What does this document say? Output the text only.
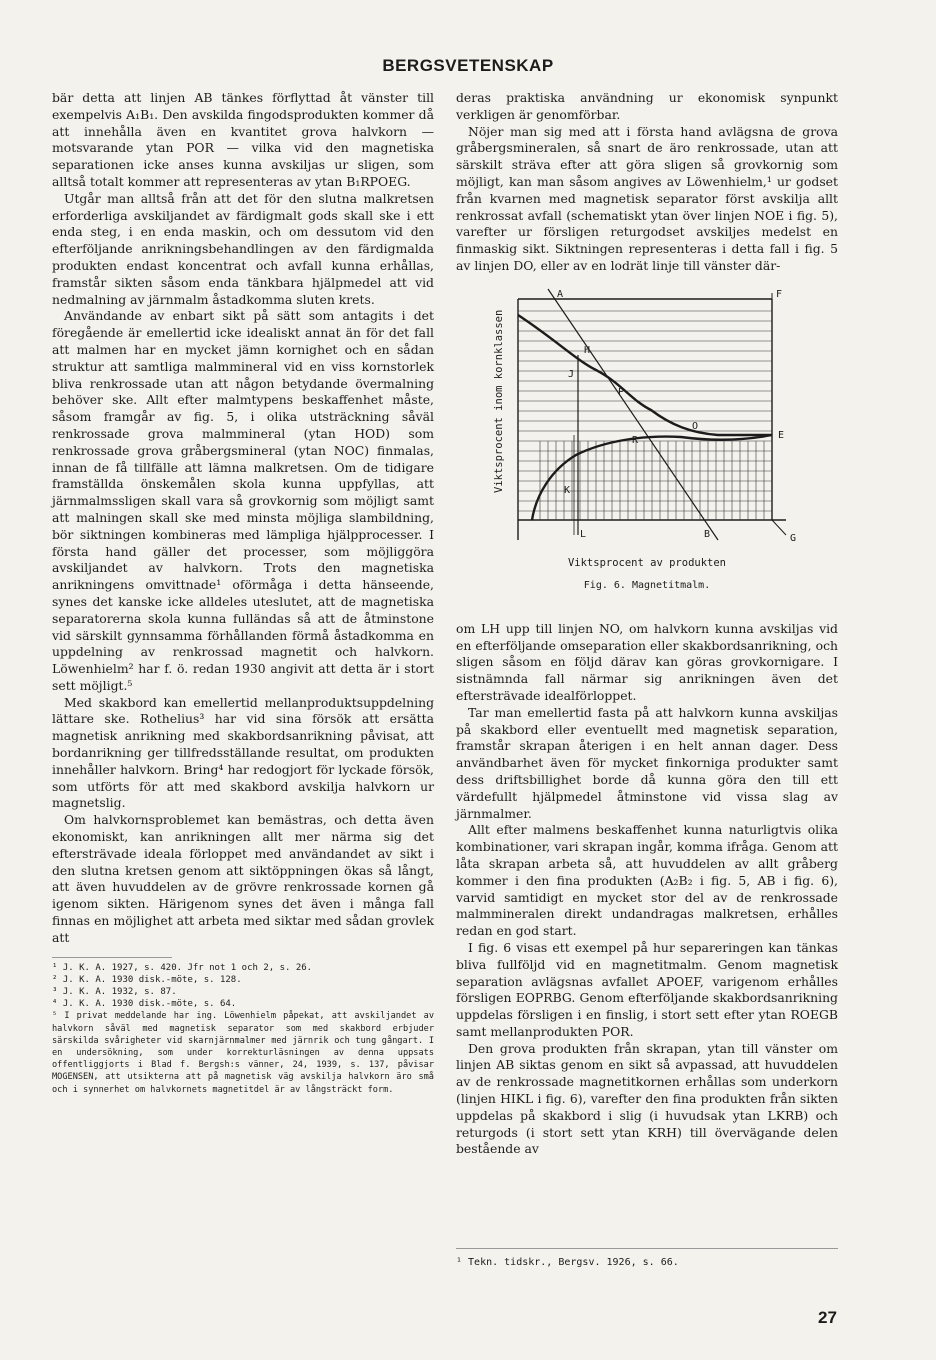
BERGSVETENSKAP

bär detta att linjen AB tänkes förflyttad åt vänster till exempelvis A₁B₁. Den avskilda fingodsprodukten kommer då att innehålla även en kvantitet grova halvkorn — motsvarande ytan POR — vilka vid den magnetiska separationen icke anses kunna avskiljas ur sligen, som alltså totalt kommer att representeras av ytan B₁RPOEG.

Utgår man alltså från att det för den slutna malkretsen erforderliga avskiljandet av färdigmalt gods skall ske i ett enda steg, i en enda maskin, och om dessutom vid den efterföljande anrikningsbehandlingen av den färdigmalda produkten endast koncentrat och avfall kunna erhållas, framstår sikten såsom enda tänkbara hjälpmedel att vid nedmalning av järnmalm åstadkomma sluten krets.

Användande av enbart sikt på sätt som antagits i det föregående är emellertid icke idealiskt annat än för det fall att malmen har en mycket jämn kornighet och en sådan struktur att samtliga malmmineral vid en viss kornstorlek bliva renkrossade utan att någon betydande övermalning behöver ske. Allt efter malmtypens beskaffenhet måste, såsom framgår av fig. 5, i olika utsträckning såväl renkrossade grova malmmineral (ytan HOD) som renkrossade grova gråbergsmineral (ytan NOC) finmalas, innan de få tillfälle att lämna malkretsen. Om de tidigare framställda önskemålen skola kunna uppfyllas, att järnmalmssligen skall vara så grovkornig som möjligt samt att malningen skall ske med minsta möjliga slambildning, bör siktningen kombineras med lämpliga hjälpprocesser. I första hand gäller det processer, som möjliggöra avskiljandet av halvkorn. Trots den magnetiska anrikningens omvittnade¹ oförmåga i detta hänseende, synes det kanske icke alldeles uteslutet, att de magnetiska separatorerna skola kunna fulländas så att de åtminstone vid särskilt gynnsamma förhållanden förmå åstadkomma en uppdelning av renkrossad magnetit och halvkorn. Löwenhielm² har f. ö. redan 1930 angivit att detta är i stort sett möjligt.⁵

Med skakbord kan emellertid mellanproduktsuppdelning lättare ske. Rothelius³ har vid sina försök att ersätta magnetisk anrikning med skakbordsanrikning påvisat, att bordanrikning ger tillfredsställande resultat, om produkten innehåller halvkorn. Bring⁴ har redogjort för lyckade försök, som utförts för att med skakbord avskilja halvkorn ur magnetslig.

Om halvkornsproblemet kan bemästras, och detta även ekonomiskt, kan anrikningen allt mer närma sig det eftersträvade ideala förloppet med användandet av sikt i den slutna kretsen genom att siktöppningen ökas så långt, att även huvuddelen av de grövre renkrossade kornen gå igenom sikten. Härigenom synes det även i många fall finnas en möjlighet att arbeta med siktar med sådan grovlek att

¹ J. K. A. 1927, s. 420. Jfr not 1 och 2, s. 26.
² J. K. A. 1930 disk.-möte, s. 128.
³ J. K. A. 1932, s. 87.
⁴ J. K. A. 1930 disk.-möte, s. 64.
⁵ I privat meddelande har ing. Löwenhielm påpekat, att avskiljandet av halvkorn såväl med magnetisk separator som med skakbord erbjuder särskilda svårigheter vid skarnjärnmalmer med järnrik och tung gångart. I en undersökning, som under korrekturläsningen av denna uppsats offentliggjorts i Blad f. Bergsh:s vänner, 24, 1939, s. 137, påvisar MOGENSEN, att utsikterna att på magnetisk väg avskilja halvkorn äro små och i synnerhet om halvkornets magnetitdel är av långsträckt form.

deras praktiska användning ur ekonomisk synpunkt verkligen är genomförbar.

Nöjer man sig med att i första hand avlägsna de grova gråbergsmineralen, så snart de äro renkrossade, utan att särskilt sträva efter att göra sligen så grovkornig som möjligt, kan man såsom angives av Löwenhielm,¹ ur godset från kvarnen med magnetisk separator först avskilja allt renkrossat avfall (schematiskt ytan över linjen NOE i fig. 5), varefter ur försligen returgodset avskiljes medelst en finmaskig sikt. Siktningen representeras i detta fall i fig. 5 av linjen DO, eller av en lodrät linje till vänster där-

Viktsprocent inom kornklassen
A	F
H
J
P
O
E
R
K
L	B	G
Viktsprocent av produkten
Fig. 6. Magnetitmalm.

om LH upp till linjen NO, om halvkorn kunna avskiljas vid en efterföljande omseparation eller skakbordsanrikning, och sligen såsom en följd därav kan göras grovkornigare. I sistnämnda fall närmar sig anrikningen även det eftersträvade idealförloppet.

Tar man emellertid fasta på att halvkorn kunna avskiljas på skakbord eller eventuellt med magnetisk separation, framstår skrapan återigen i en helt annan dager. Dess användbarhet även för mycket finkorniga produkter samt dess driftsbillighet borde då kunna göra den till ett värdefullt hjälpmedel åtminstone vid vissa slag av järnmalmer.

Allt efter malmens beskaffenhet kunna naturligtvis olika kombinationer, vari skrapan ingår, komma ifråga. Genom att låta skrapan arbeta så, att huvuddelen av allt gråberg kommer i den fina produkten (A₂B₂ i fig. 5, AB i fig. 6), varvid samtidigt en mycket stor del av de renkrossade malmmineralen direkt undandragas malkretsen, erhålles redan en god start.

I fig. 6 visas ett exempel på hur separeringen kan tänkas bliva fullföljd vid en magnetitmalm. Genom magnetisk separation avlägsnas avfallet APOEF, varigenom erhålles försligen EOPRBG. Genom efterföljande skakbordsanrikning uppdelas försligen i en finslig, i stort sett efter ytan ROEGB samt mellanprodukten POR.

Den grova produkten från skrapan, ytan till vänster om linjen AB siktas genom en sikt så avpassad, att huvuddelen av de renkrossade magnetitkornen erhållas som underkorn (linjen HIKL i fig. 6), varefter den fina produkten från sikten uppdelas på skakbord i slig (i huvudsak ytan LKRB) och returgods (i stort sett ytan KRH) till övervägande delen bestående av

¹ Tekn. tidskr., Bergsv. 1926, s. 66.
27
